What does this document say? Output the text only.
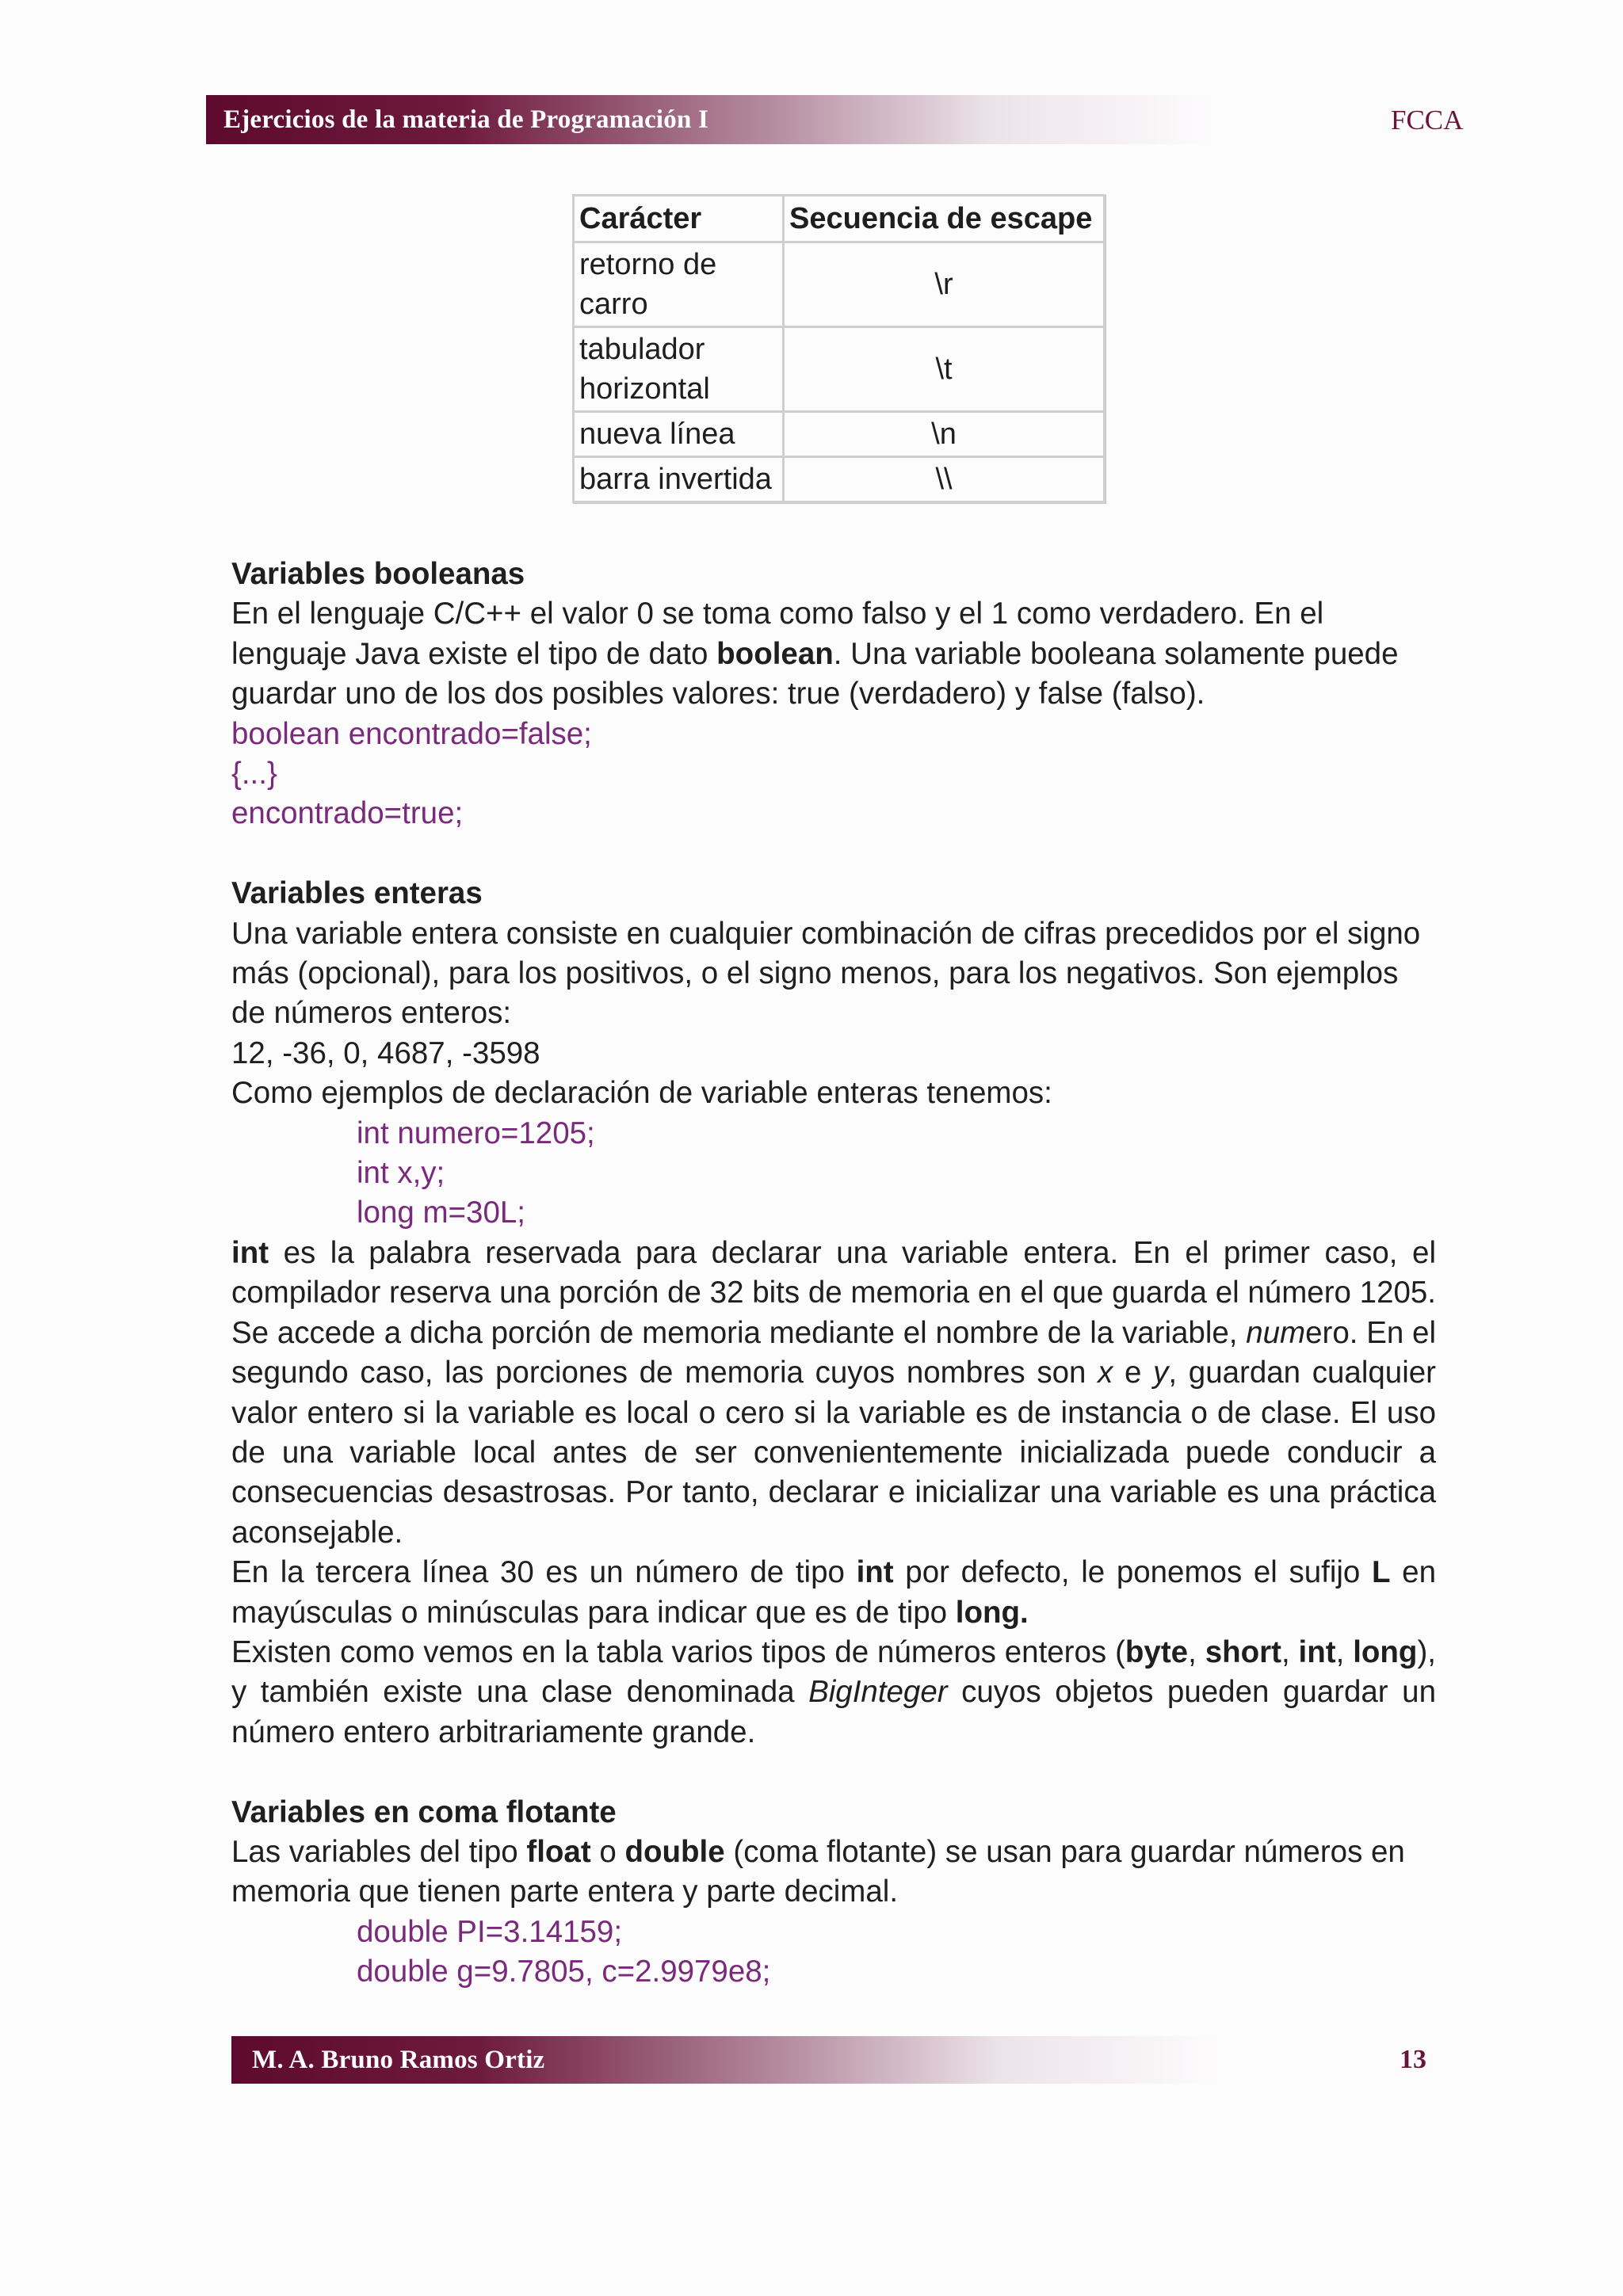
Ejercicios de la materia de Programación I	FCCA
Carácter	Secuencia de escape
retorno de carro	\r
tabulador horizontal	\t
nueva línea	\n
barra invertida	\\

Variables booleanas

En el lenguaje C/C++ el valor 0 se toma como falso y el 1 como verdadero. En el lenguaje Java existe el tipo de dato boolean. Una variable booleana solamente puede guardar uno de los dos posibles valores: true (verdadero) y false (falso).

boolean encontrado=false;

{...}

encontrado=true;

Variables enteras

Una variable entera consiste en cualquier combinación de cifras precedidos por el signo más (opcional), para los positivos, o el signo menos, para los negativos. Son ejemplos de números enteros:

12, -36, 0, 4687, -3598

Como ejemplos de declaración de variable enteras tenemos:

int numero=1205;

int x,y;

long m=30L;

int es la palabra reservada para declarar una variable entera. En el primer caso, el compilador reserva una porción de 32 bits de memoria en el que guarda el número 1205. Se accede a dicha porción de memoria mediante el nombre de la variable, numero. En el segundo caso, las porciones de memoria cuyos nombres son x e y, guardan cualquier valor entero si la variable es local o cero si la variable es de instancia o de clase. El uso de una variable local antes de ser convenientemente inicializada puede conducir a consecuencias desastrosas. Por tanto, declarar e inicializar una variable es una práctica aconsejable.

En la tercera línea 30 es un número de tipo int por defecto, le ponemos el sufijo L en mayúsculas o minúsculas para indicar que es de tipo long.

Existen como vemos en la tabla varios tipos de números enteros (byte, short, int, long), y también existe una clase denominada BigInteger cuyos objetos pueden guardar un número entero arbitrariamente grande.

Variables en coma flotante

Las variables del tipo float o double (coma flotante) se usan para guardar números en memoria que tienen parte entera y parte decimal.

double PI=3.14159;

double g=9.7805, c=2.9979e8;

M. A. Bruno Ramos Ortiz	13
